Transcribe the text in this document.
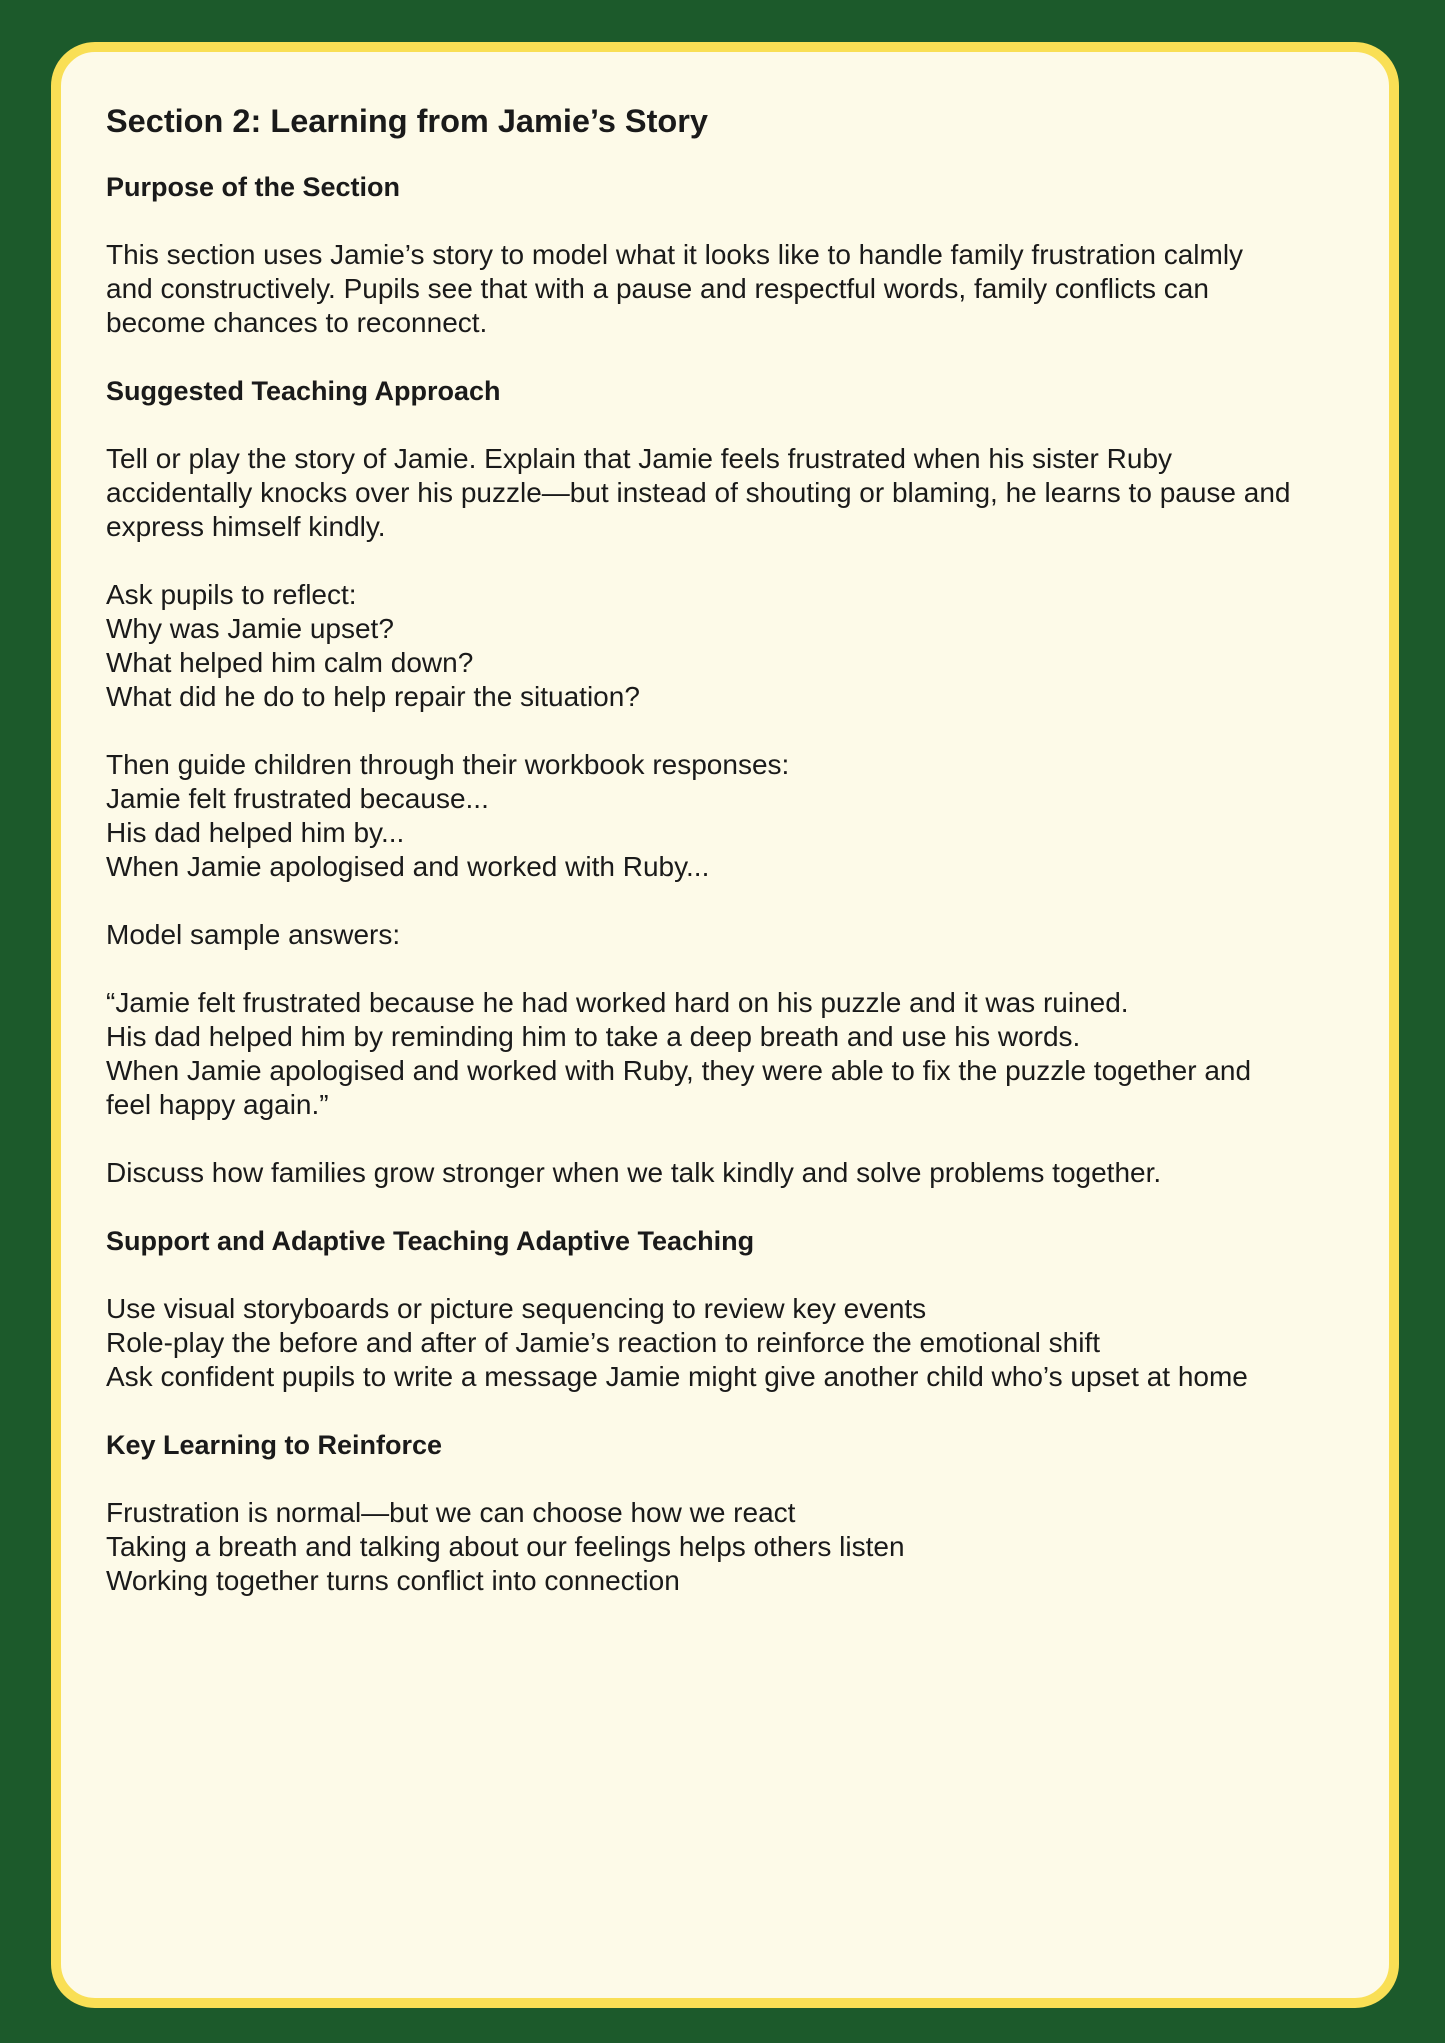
Section 2: Learning from Jamie’s Story
Purpose of the Section

This section uses Jamie’s story to model what it looks like to handle family frustration calmly

and constructively. Pupils see that with a pause and respectful words, family conflicts can

become chances to reconnect.

Suggested Teaching Approach

Tell or play the story of Jamie. Explain that Jamie feels frustrated when his sister Ruby

accidentally knocks over his puzzle—but instead of shouting or blaming, he learns to pause and

express himself kindly.

Ask pupils to reflect:

Why was Jamie upset?

What helped him calm down?

What did he do to help repair the situation?

Then guide children through their workbook responses:

Jamie felt frustrated because...

His dad helped him by...

When Jamie apologised and worked with Ruby...

Model sample answers:

“Jamie felt frustrated because he had worked hard on his puzzle and it was ruined.

His dad helped him by reminding him to take a deep breath and use his words.

When Jamie apologised and worked with Ruby, they were able to fix the puzzle together and

feel happy again.”

Discuss how families grow stronger when we talk kindly and solve problems together.

Support and Adaptive Teaching Adaptive Teaching

Use visual storyboards or picture sequencing to review key events

Role-play the before and after of Jamie’s reaction to reinforce the emotional shift

Ask confident pupils to write a message Jamie might give another child who’s upset at home

Key Learning to Reinforce

Frustration is normal—but we can choose how we react

Taking a breath and talking about our feelings helps others listen

Working together turns conflict into connection
